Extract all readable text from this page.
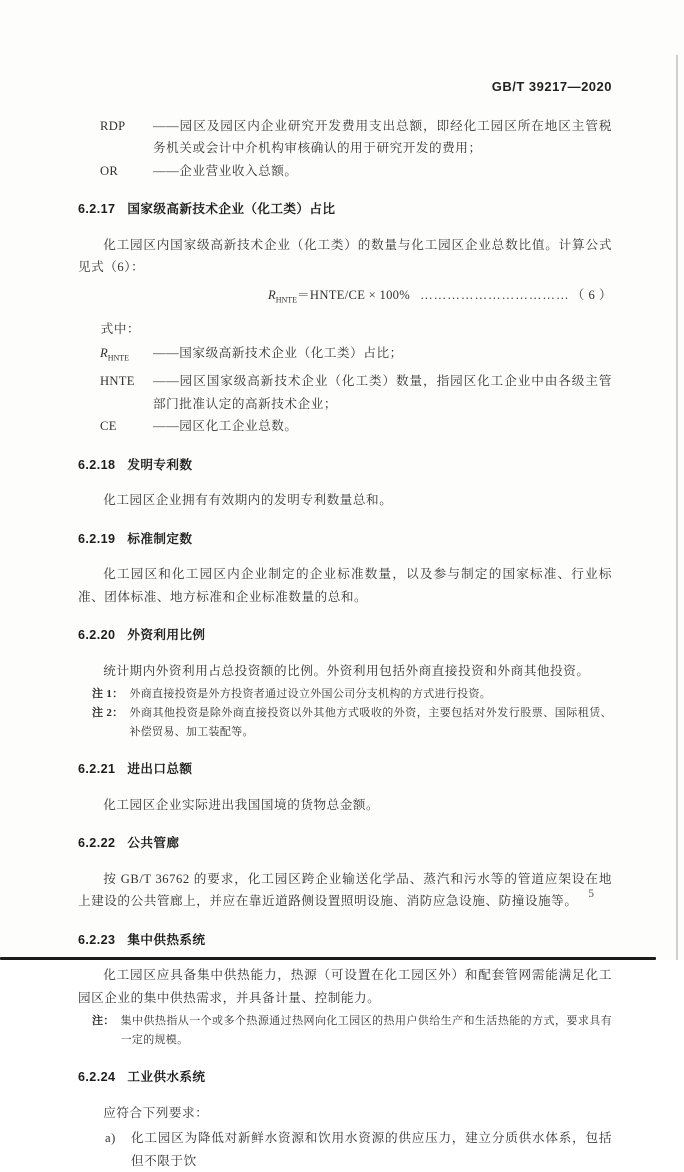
GB/T 39217—2020
RDP	——园区及园区内企业研究开发费用支出总额，即经化工园区所在地区主管税务机关或会计中介机构审核确认的用于研究开发的费用；
OR	——企业营业收入总额。
6.2.17 国家级高新技术企业（化工类）占比
化工园区内国家级高新技术企业（化工类）的数量与化工园区企业总数比值。计算公式见式（6）：
$R_{HNTE}=HNTE/CE \times 100\%$ …………………………… （ 6 ）
式中：
$R_{HNTE}$	——国家级高新技术企业（化工类）占比；
HNTE	——园区国家级高新技术企业（化工类）数量，指园区化工企业中由各级主管部门批准认定的高新技术企业；
CE	——园区化工企业总数。
6.2.18 发明专利数
化工园区企业拥有有效期内的发明专利数量总和。
6.2.19 标准制定数
化工园区和化工园区内企业制定的企业标准数量，以及参与制定的国家标准、行业标准、团体标准、地方标准和企业标准数量的总和。
6.2.20 外资利用比例
统计期内外资利用占总投资额的比例。外资利用包括外商直接投资和外商其他投资。
注 1： 外商直接投资是外方投资者通过设立外国公司分支机构的方式进行投资。
注 2： 外商其他投资是除外商直接投资以外其他方式吸收的外资，主要包括对外发行股票、国际租赁、补偿贸易、加工装配等。
6.2.21 进出口总额
化工园区企业实际进出我国国境的货物总金额。
6.2.22 公共管廊
按 GB/T 36762 的要求，化工园区跨企业输送化学品、蒸汽和污水等的管道应架设在地上建设的公共管廊上，并应在靠近道路侧设置照明设施、消防应急设施、防撞设施等。
6.2.23 集中供热系统
化工园区应具备集中供热能力，热源（可设置在化工园区外）和配套管网需能满足化工园区企业的集中供热需求，并具备计量、控制能力。
注： 集中供热指从一个或多个热源通过热网向化工园区的热用户供给生产和生活热能的方式，要求具有一定的规模。
6.2.24 工业供水系统
应符合下列要求：
a)	化工园区为降低对新鲜水资源和饮用水资源的供应压力，建立分质供水体系，包括但不限于饮
5
